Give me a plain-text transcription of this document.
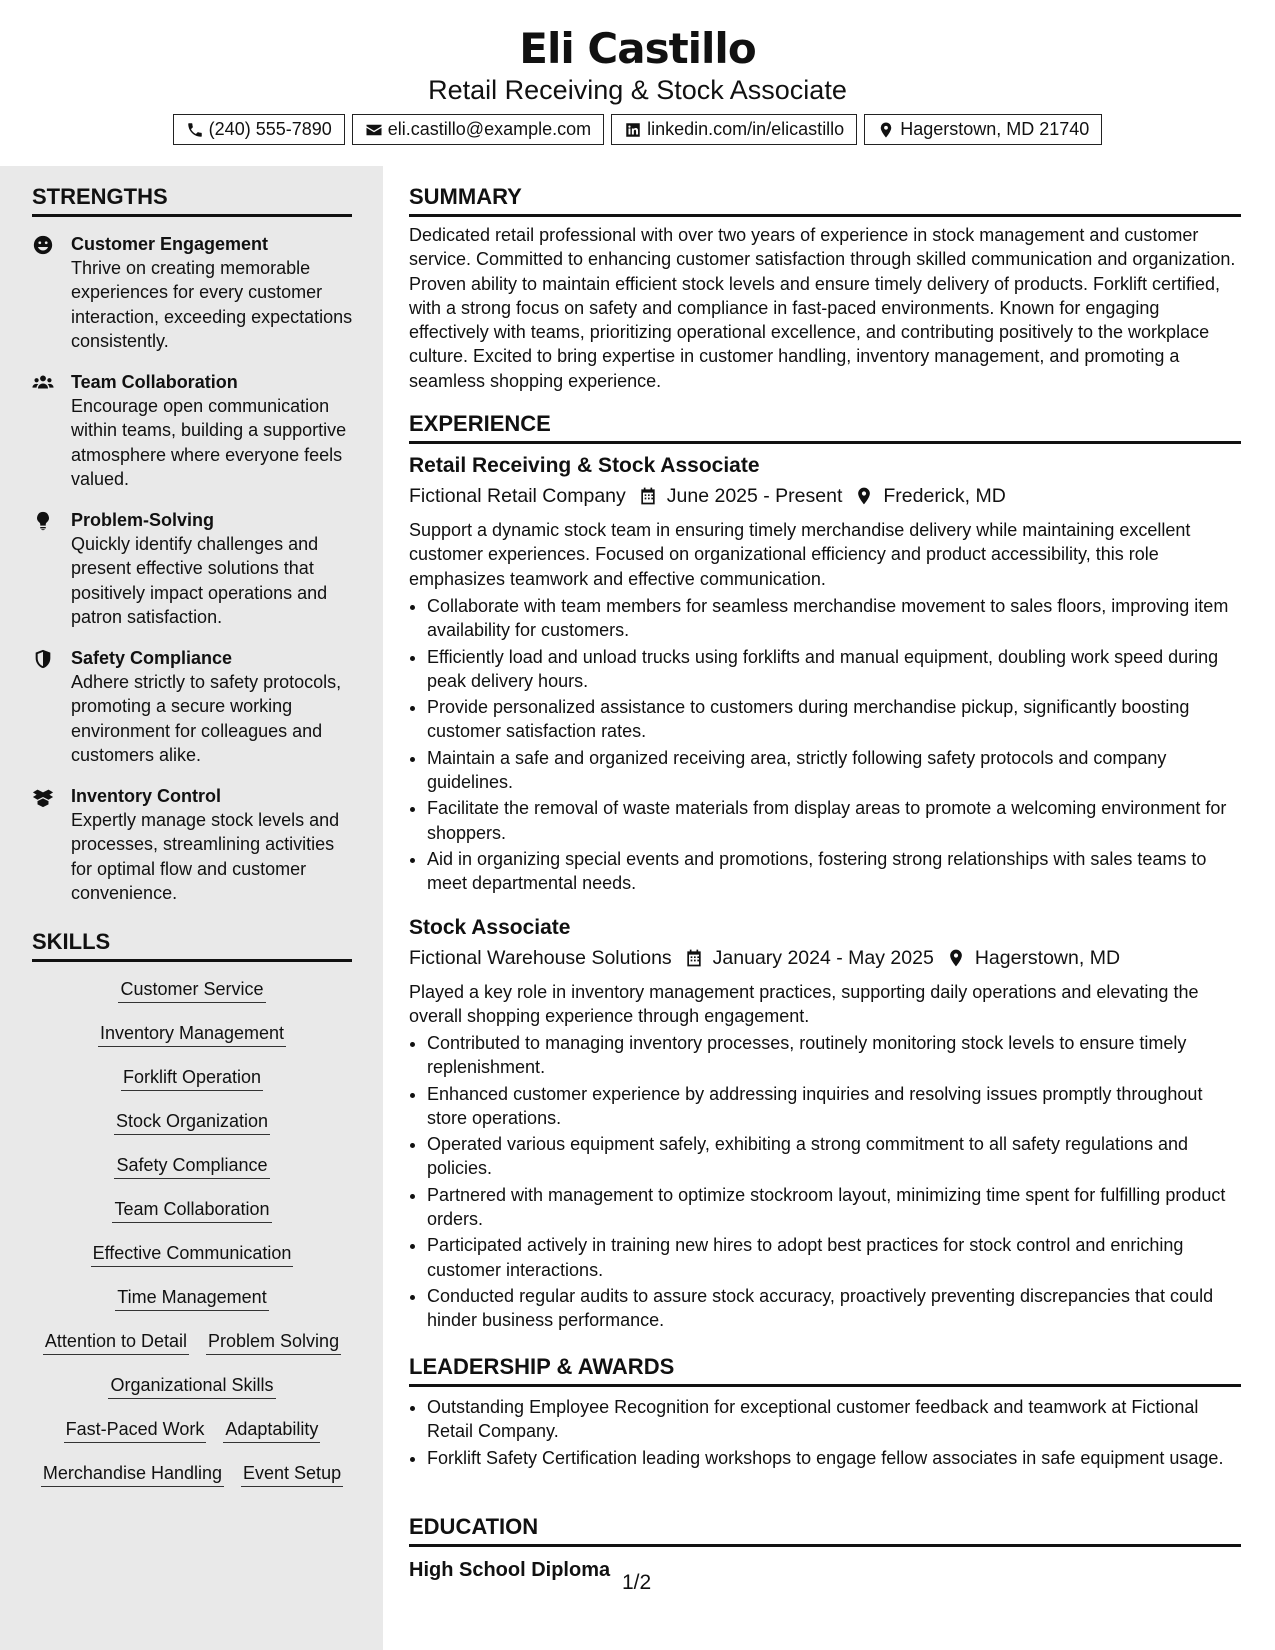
Eli Castillo
Retail Receiving & Stock Associate
(240) 555-7890	eli.castillo@example.com	linkedin.com/in/elicastillo	Hagerstown, MD 21740
STRENGTHS
Customer Engagement
Thrive on creating memorable experiences for every customer interaction, exceeding expectations consistently.
Team Collaboration
Encourage open communication within teams, building a supportive atmosphere where everyone feels valued.
Problem-Solving
Quickly identify challenges and present effective solutions that positively impact operations and patron satisfaction.
Safety Compliance
Adhere strictly to safety protocols, promoting a secure working environment for colleagues and customers alike.
Inventory Control
Expertly manage stock levels and processes, streamlining activities for optimal flow and customer convenience.
SKILLS
Customer Service
Inventory Management
Forklift Operation
Stock Organization
Safety Compliance
Team Collaboration
Effective Communication
Time Management
Attention to Detail Problem Solving
Organizational Skills
Fast-Paced Work Adaptability
Merchandise Handling Event Setup
SUMMARY
Dedicated retail professional with over two years of experience in stock management and customer service. Committed to enhancing customer satisfaction through skilled communication and organization. Proven ability to maintain efficient stock levels and ensure timely delivery of products. Forklift certified, with a strong focus on safety and compliance in fast-paced environments. Known for engaging effectively with teams, prioritizing operational excellence, and contributing positively to the workplace culture. Excited to bring expertise in customer handling, inventory management, and promoting a seamless shopping experience.
EXPERIENCE
Retail Receiving & Stock Associate
Fictional Retail Company June 2025 - Present Frederick, MD
Support a dynamic stock team in ensuring timely merchandise delivery while maintaining excellent customer experiences. Focused on organizational efficiency and product accessibility, this role emphasizes teamwork and effective communication.
• Collaborate with team members for seamless merchandise movement to sales floors, improving item availability for customers.
• Efficiently load and unload trucks using forklifts and manual equipment, doubling work speed during peak delivery hours.
• Provide personalized assistance to customers during merchandise pickup, significantly boosting customer satisfaction rates.
• Maintain a safe and organized receiving area, strictly following safety protocols and company guidelines.
• Facilitate the removal of waste materials from display areas to promote a welcoming environment for shoppers.
• Aid in organizing special events and promotions, fostering strong relationships with sales teams to meet departmental needs.
Stock Associate
Fictional Warehouse Solutions January 2024 - May 2025 Hagerstown, MD
Played a key role in inventory management practices, supporting daily operations and elevating the overall shopping experience through engagement.
• Contributed to managing inventory processes, routinely monitoring stock levels to ensure timely replenishment.
• Enhanced customer experience by addressing inquiries and resolving issues promptly throughout store operations.
• Operated various equipment safely, exhibiting a strong commitment to all safety regulations and policies.
• Partnered with management to optimize stockroom layout, minimizing time spent for fulfilling product orders.
• Participated actively in training new hires to adopt best practices for stock control and enriching customer interactions.
• Conducted regular audits to assure stock accuracy, proactively preventing discrepancies that could hinder business performance.
LEADERSHIP & AWARDS
• Outstanding Employee Recognition for exceptional customer feedback and teamwork at Fictional Retail Company.
• Forklift Safety Certification leading workshops to engage fellow associates in safe equipment usage.
EDUCATION
High School Diploma
1/2
